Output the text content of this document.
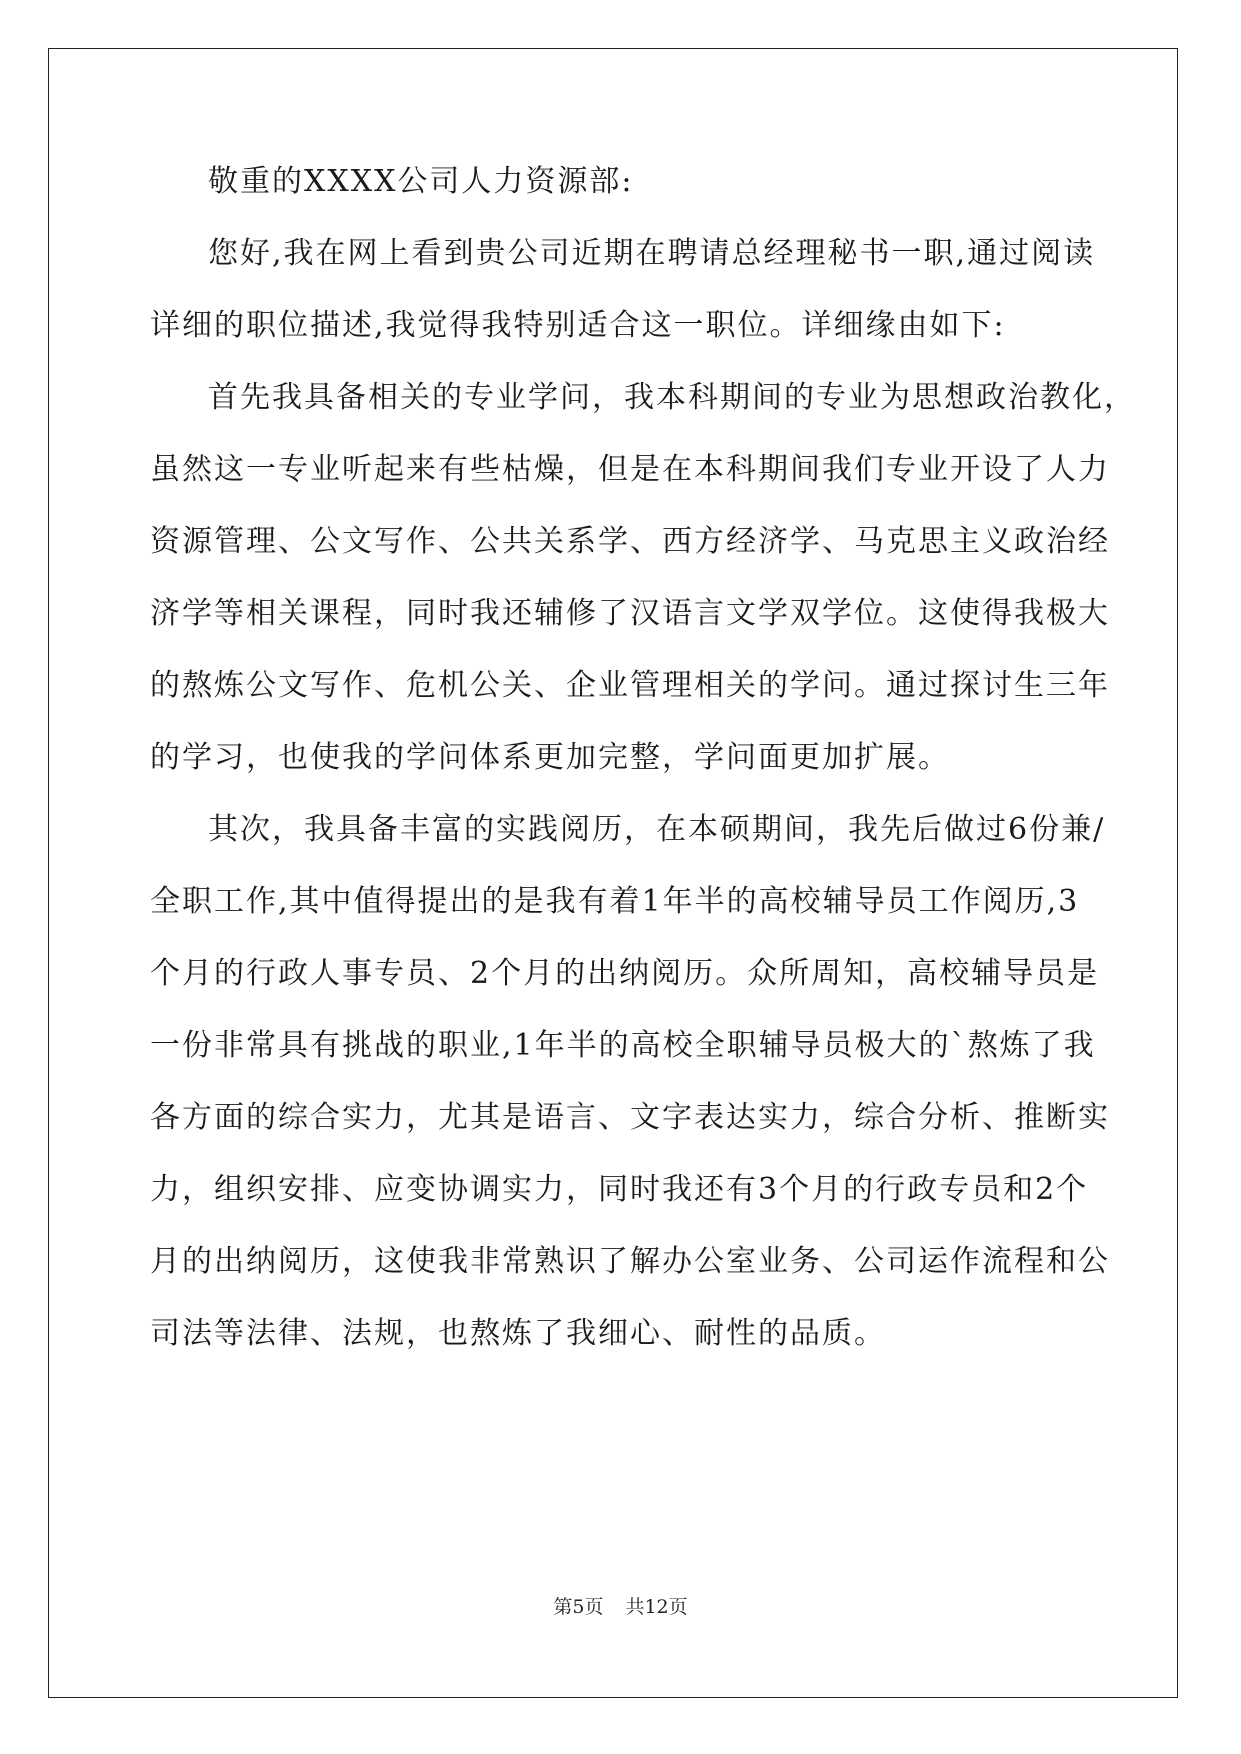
敬重的XXXX公司人力资源部:
您好,我在网上看到贵公司近期在聘请总经理秘书一职,通过阅读
详细的职位描述,我觉得我特别适合这一职位。详细缘由如下:
首先我具备相关的专业学问，我本科期间的专业为思想政治教化，
虽然这一专业听起来有些枯燥，但是在本科期间我们专业开设了人力
资源管理、公文写作、公共关系学、西方经济学、马克思主义政治经
济学等相关课程，同时我还辅修了汉语言文学双学位。这使得我极大
的熬炼公文写作、危机公关、企业管理相关的学问。通过探讨生三年
的学习，也使我的学问体系更加完整，学问面更加扩展。
其次，我具备丰富的实践阅历，在本硕期间，我先后做过6份兼/
全职工作,其中值得提出的是我有着1年半的高校辅导员工作阅历,3
个月的行政人事专员、2个月的出纳阅历。众所周知，高校辅导员是
一份非常具有挑战的职业,1年半的高校全职辅导员极大的`熬炼了我
各方面的综合实力，尤其是语言、文字表达实力，综合分析、推断实
力，组织安排、应变协调实力，同时我还有3个月的行政专员和2个
月的出纳阅历，这使我非常熟识了解办公室业务、公司运作流程和公
司法等法律、法规，也熬炼了我细心、耐性的品质。
第5页 共12页
